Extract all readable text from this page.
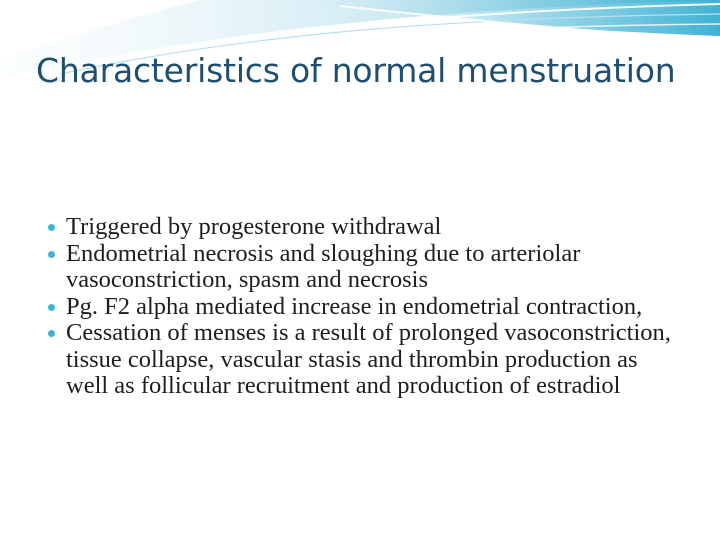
Characteristics of normal menstruation
Triggered by progesterone withdrawal
Endometrial necrosis and sloughing due to arteriolar vasoconstriction, spasm and necrosis
Pg. F2 alpha mediated increase in endometrial contraction,
Cessation of menses is a result of prolonged vasoconstriction, tissue collapse, vascular stasis and thrombin production as well as follicular recruitment and production of estradiol
